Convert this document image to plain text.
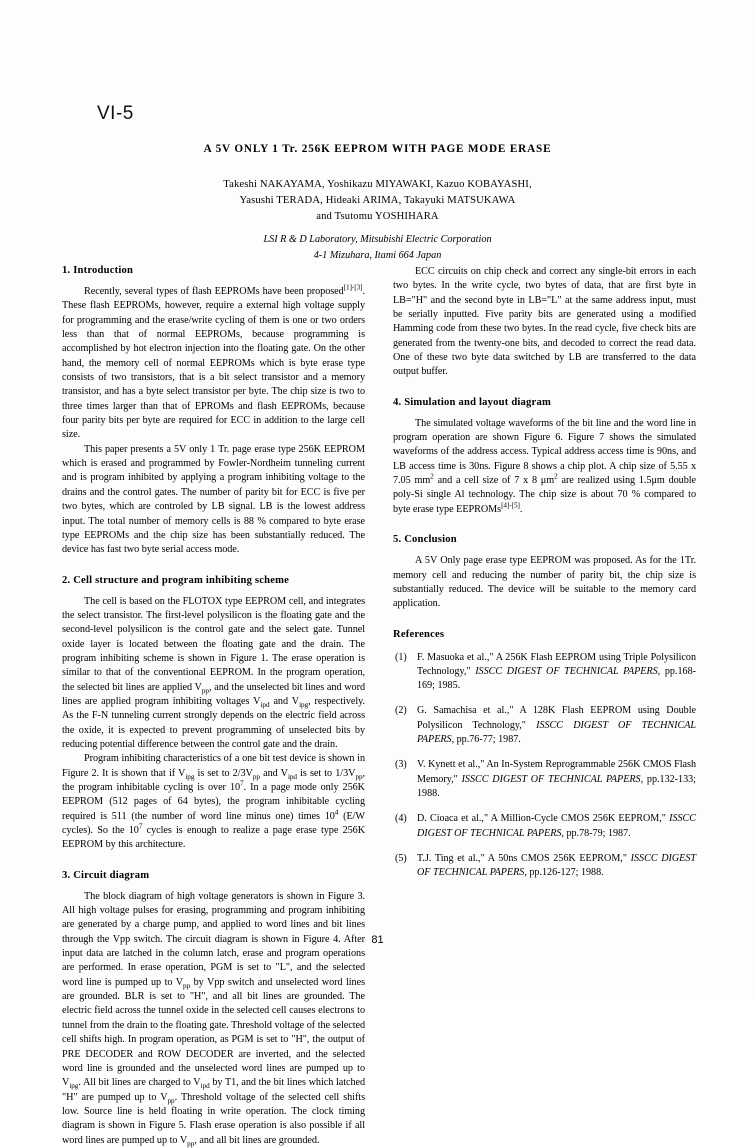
VI-5
A 5V ONLY 1 Tr. 256K EEPROM WITH PAGE MODE ERASE
Takeshi NAKAYAMA, Yoshikazu MIYAWAKI, Kazuo KOBAYASHI,
Yasushi TERADA, Hideaki ARIMA, Takayuki MATSUKAWA
and Tsutomu YOSHIHARA
LSI R & D Laboratory, Mitsubishi Electric Corporation
4-1 Mizuhara, Itami 664 Japan
1. Introduction

Recently, several types of flash EEPROMs have been proposed[1]-[3]. These flash EEPROMs, however, require a external high voltage supply for programming and the erase/write cycling of them is one or two orders less than that of normal EEPROMs, because programming is accomplished by hot electron injection into the floating gate. On the other hand, the memory cell of normal EEPROMs which is byte erase type consists of two transistors, that is a bit select transistor and a memory transistor, and has a byte select transistor per byte. The chip size is two to three times larger than that of EPROMs and flash EEPROMs, because four parity bits per byte are required for ECC in addition to the large cell size.

This paper presents a 5V only 1 Tr. page erase type 256K EEPROM which is erased and programmed by Fowler-Nordheim tunneling current and is program inhibited by applying a program inhibiting voltage to the drains and the control gates. The number of parity bit for ECC is five per two bytes, which are controled by LB signal. LB is the lowest address input. The total number of memory cells is 88 % compared to byte erase type EEPROMs and the chip size has been substantially reduced. The device has fast two byte serial access mode.

2. Cell structure and program inhibiting scheme

The cell is based on the FLOTOX type EEPROM cell, and integrates the select transistor. The first-level polysilicon is the floating gate and the second-level polysilicon is the control gate and the select gate. Tunnel oxide layer is located between the floating gate and the drain. The program inhibiting scheme is shown in Figure 1. The erase operation is similar to that of the conventional EEPROM. In the program operation, the selected bit lines are applied $V_{pp}$, and the unselected bit lines and word lines are applied program inhibiting voltages $V_{ipd}$ and $V_{ipg}$, respectively. As the F-N tunneling current strongly depends on the electric field across the oxide, it is expected to prevent programming of unselected bits by reducing potential difference between the control gate and the drain.

Program inhibiting characteristics of a one bit test device is shown in Figure 2. It is shown that if $V_{ipg}$ is set to $2/3V_{pp}$ and $V_{ipd}$ is set to $1/3V_{pp}$, the program inhibitable cycling is over $10^7$. In a page mode only 256K EEPROM (512 pages of 64 bytes), the program inhibitable cycling required is 511 (the number of word line minus one) times $10^4$ (E/W cycles). So the $10^7$ cycles is enough to realize a page erase type 256K EEPROM by this architecture.

3. Circuit diagram

The block diagram of high voltage generators is shown in Figure 3. All high voltage pulses for erasing, programming and program inhibiting are generated by a charge pump, and applied to word lines and bit lines through the Vpp switch. The circuit diagram is shown in Figure 4. After input data are latched in the column latch, erase and program operations are performed. In erase operation, PGM is set to "L", and the selected word line is pumped up to $V_{pp}$ by Vpp switch and unselected word lines are grounded. BLR is set to "H", and all bit lines are grounded. The electric field across the tunnel oxide in the selected cell causes electrons to tunnel from the drain to the floating gate. Threshold voltage of the selected cell shifts high. In program operation, as PGM is set to "H", the output of PRE DECODER and ROW DECODER are inverted, and the selected word line is grounded and the unselected word lines are pumped up to $V_{ipg}$. All bit lines are charged to $V_{ipd}$ by T1, and the bit lines which latched "H" are pumped up to $V_{pp}$. Threshold voltage of the selected cell shifts low. Source line is held floating in write operation. The clock timing diagram is shown in Figure 5. Flash erase operation is also possible if all word lines are pumped up to $V_{pp}$, and all bit lines are grounded.

ECC circuits on chip check and correct any single-bit errors in each two bytes. In the write cycle, two bytes of data, that are first byte in LB="H" and the second byte in LB="L" at the same address input, must be serially inputted. Five parity bits are generated using a modified Hamming code from these two bytes. In the read cycle, five check bits are generated from the twenty-one bits, and decoded to correct the read data. One of these two byte data switched by LB are transferred to the data output buffer.

4. Simulation and layout diagram

The simulated voltage waveforms of the bit line and the word line in program operation are shown Figure 6. Figure 7 shows the simulated waveforms of the address access. Typical address access time is 90ns, and LB access time is 30ns. Figure 8 shows a chip plot. A chip size of 5.55 x 7.05 $mm^2$ and a cell size of 7 x 8 $\mu m^2$ are realized using 1.5μm double poly-Si single Al technology. The chip size is about 70 % compared to byte erase type EEPROMs[4]-[5].

5. Conclusion

A 5V Only page erase type EEPROM was proposed. As for the 1Tr. memory cell and reducing the number of parity bit, the chip size is substantially reduced. The device will be suitable to the memory card application.

References

(1) F. Masuoka et al.," A 256K Flash EEPROM using Triple Polysilicon Technology," ISSCC DIGEST OF TECHNICAL PAPERS, pp.168-169; 1985.

(2) G. Samachisa et al.," A 128K Flash EEPROM using Double Polysilicon Technology," ISSCC DIGEST OF TECHNICAL PAPERS, pp.76-77; 1987.

(3) V. Kynett et al.," An In-System Reprogrammable 256K CMOS Flash Memory," ISSCC DIGEST OF TECHNICAL PAPERS, pp.132-133; 1988.

(4) D. Cioaca et al.," A Million-Cycle CMOS 256K EEPROM," ISSCC DIGEST OF TECHNICAL PAPERS, pp.78-79; 1987.

(5) T.J. Ting et al.," A 50ns CMOS 256K EEPROM," ISSCC DIGEST OF TECHNICAL PAPERS, pp.126-127; 1988.

81
